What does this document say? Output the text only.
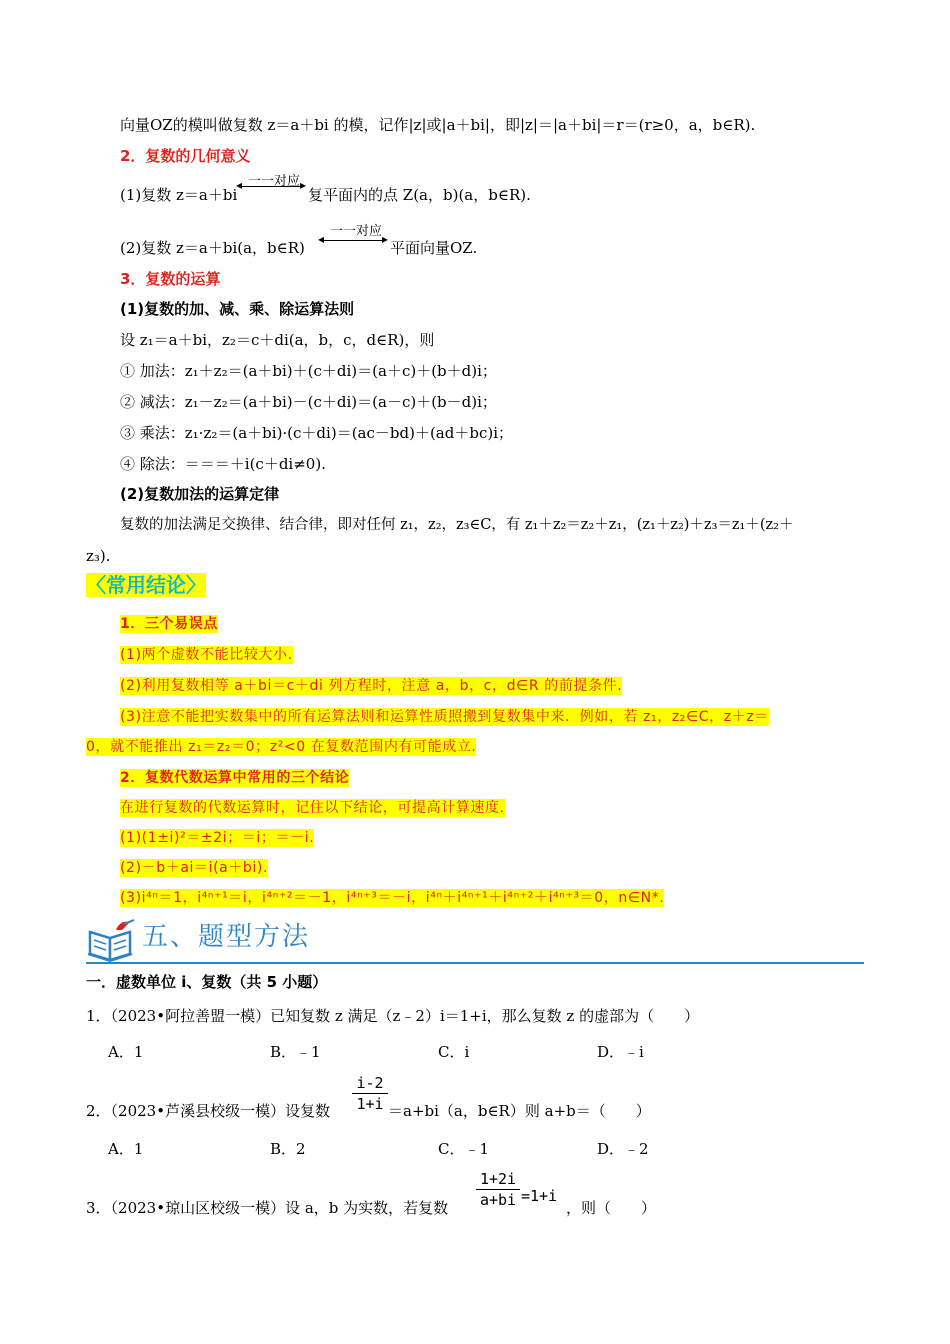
向量OZ的模叫做复数 z＝a＋bi 的模，记作|z|或|a＋bi|，即|z|＝|a＋bi|＝r＝(r≥0，a，b∈R).
2．复数的几何意义
(1)复数 z＝a＋bi
一一对应
◂	▸
复平面内的点 Z(a，b)(a，b∈R).
(2)复数 z＝a＋bi(a，b∈R)
一一对应
◂	▸ 平面向量OZ.
3．复数的运算
(1)复数的加、减、乘、除运算法则
设 z₁＝a＋bi，z₂＝c＋di(a，b，c，d∈R)，则
① 加法：z₁＋z₂＝(a＋bi)＋(c＋di)＝(a＋c)＋(b＋d)i；
② 减法：z₁－z₂＝(a＋bi)－(c＋di)＝(a－c)＋(b－d)i；
③ 乘法：z₁·z₂＝(a＋bi)·(c＋di)＝(ac－bd)＋(ad＋bc)i；
④ 除法：＝＝＝＋i(c＋di≠0).
(2)复数加法的运算定律
复数的加法满足交换律、结合律，即对任何 z₁，z₂，z₃∈C，有 z₁＋z₂＝z₂＋z₁，(z₁＋z₂)＋z₃＝z₁＋(z₂＋
z₃).
〈常用结论〉
1．三个易误点
(1)两个虚数不能比较大小.
(2)利用复数相等 a＋bi＝c＋di 列方程时，注意 a，b，c，d∈R 的前提条件.
(3)注意不能把实数集中的所有运算法则和运算性质照搬到复数集中来．例如，若 z₁，z₂∈C，z＋z＝
0，就不能推出 z₁＝z₂＝0；z²<0 在复数范围内有可能成立.
2．复数代数运算中常用的三个结论
在进行复数的代数运算时，记住以下结论，可提高计算速度.
(1)(1±i)²＝±2i；＝i；＝－i.
(2)－b＋ai＝i(a＋bi).
(3)i⁴ⁿ＝1，i⁴ⁿ⁺¹＝i，i⁴ⁿ⁺²＝－1，i⁴ⁿ⁺³＝－i，i⁴ⁿ＋i⁴ⁿ⁺¹＋i⁴ⁿ⁺²＋i⁴ⁿ⁺³＝0，n∈N*.
五、题型方法
一．虚数单位 i、复数（共 5 小题）
1．（2023•阿拉善盟一模）已知复数 z 满足（z﹣2）i＝1+i，那么复数 z 的虚部为（　　）
A．1	B．﹣1	C．i	D．﹣i
2．（2023•芦溪县校级一模）设复数
i-2
1+i ＝a+bi（a，b∈R）则 a+b＝（　　）
A．1	B．2	C．﹣1	D．﹣2
3．（2023•琼山区校级一模）设 a，b 为实数，若复数
1+2i
a+bi =1+i
，则（　　）
